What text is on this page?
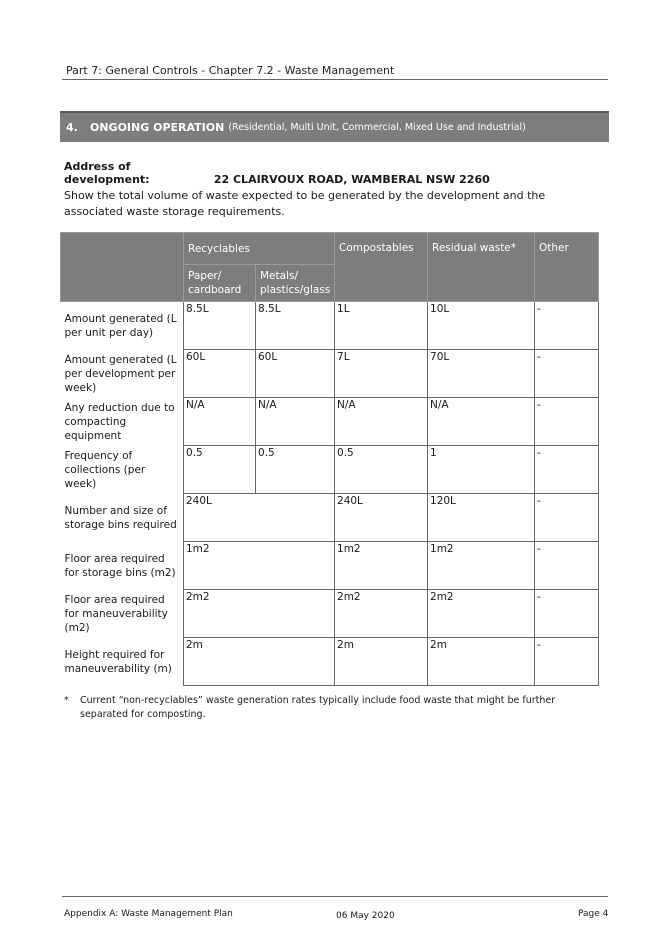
Part 7: General Controls - Chapter 7.2 - Waste Management
4.	ONGOING OPERATION (Residential, Multi Unit, Commercial, Mixed Use and Industrial)
Address of development:	22 CLAIRVOUX ROAD, WAMBERAL NSW 2260
Show the total volume of waste expected to be generated by the development and the associated waste storage requirements.
	Recyclables		Compostables	Residual waste*	Other
	Paper/ cardboard	Metals/ plastics/glass			
Amount generated (L per unit per day)	8.5L	8.5L	1L	10L	-
Amount generated (L per development per week)	60L	60L	7L	70L	-
Any reduction due to compacting equipment	N/A	N/A	N/A	N/A	-
Frequency of collections (per week)	0.5	0.5	0.5	1	-
Number and size of storage bins required	240L		240L	120L	-
Floor area required for storage bins (m2)	1m2		1m2	1m2	-
Floor area required for maneuverability (m2)	2m2		2m2	2m2	-
Height required for maneuverability (m)	2m		2m	2m	-
*	Current “non-recyclables” waste generation rates typically include food waste that might be further separated for composting.
Appendix A: Waste Management Plan	06 May 2020	Page 4
